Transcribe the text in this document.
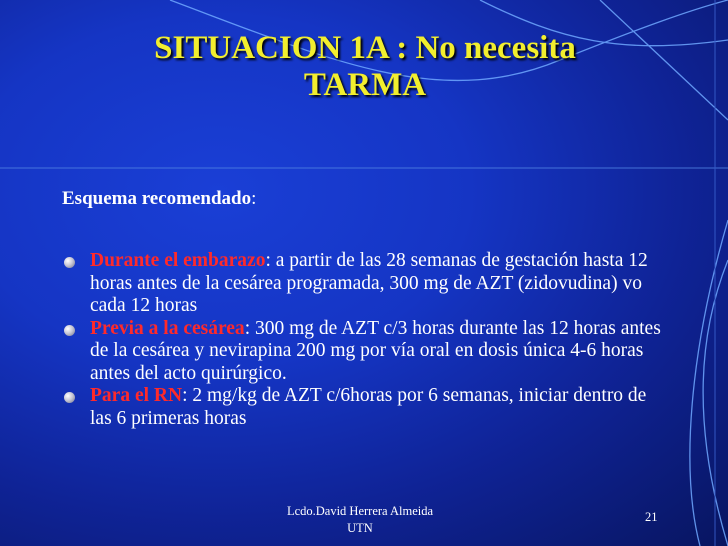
SITUACION 1A : No necesita
TARMA
Esquema recomendado:
Durante el embarazo: a partir de las 28 semanas de gestación hasta 12 horas antes de la cesárea programada, 300 mg de AZT (zidovudina) vo cada 12 horas
Previa a la cesárea: 300 mg de AZT c/3 horas durante las 12 horas antes de la cesárea y nevirapina 200 mg por vía oral en dosis única 4-6 horas antes del acto quirúrgico.
Para el RN: 2 mg/kg de AZT c/6horas por 6 semanas, iniciar dentro de las 6 primeras horas
Lcdo.David Herrera Almeida
UTN
21
